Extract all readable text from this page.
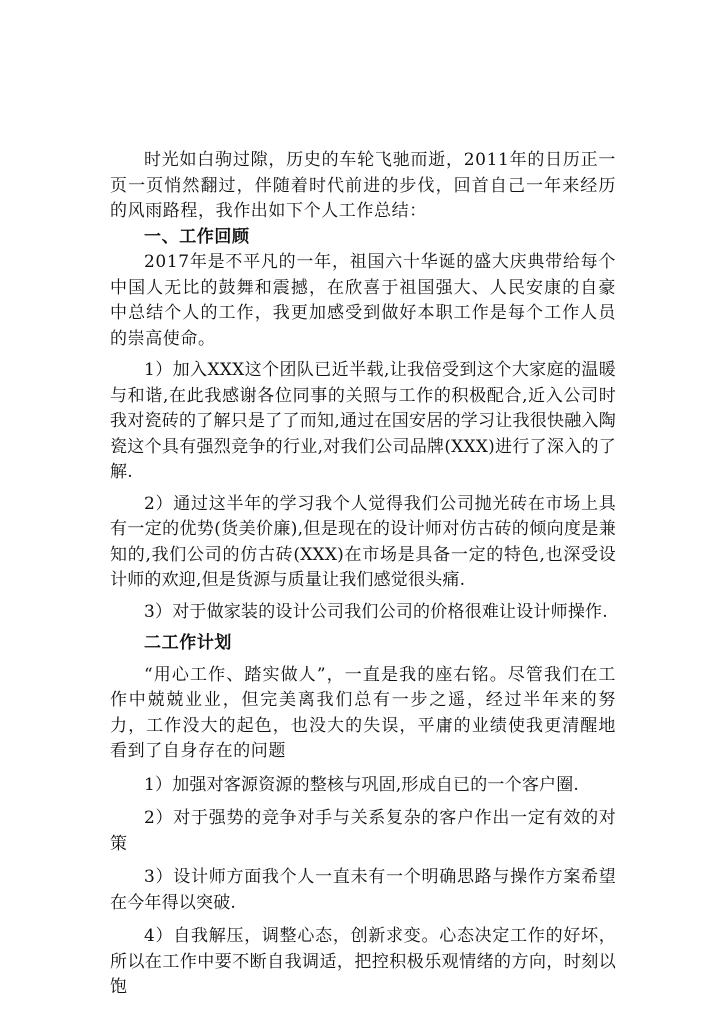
时光如白驹过隙，历史的车轮飞驰而逝，2011年的日历正一页一页悄然翻过，伴随着时代前进的步伐，回首自己一年来经历的风雨路程，我作出如下个人工作总结：

一、工作回顾

2017年是不平凡的一年，祖国六十华诞的盛大庆典带给每个中国人无比的鼓舞和震撼，在欣喜于祖国强大、人民安康的自豪中总结个人的工作，我更加感受到做好本职工作是每个工作人员的崇高使命。

1）加入XXX这个团队已近半载,让我倍受到这个大家庭的温暖与和谐,在此我感谢各位同事的关照与工作的积极配合,近入公司时我对瓷砖的了解只是了了而知,通过在国安居的学习让我很快融入陶瓷这个具有强烈竞争的行业,对我们公司品牌(XXX)进行了深入的了解.

2）通过这半年的学习我个人觉得我们公司抛光砖在市场上具有一定的优势(货美价廉),但是现在的设计师对仿古砖的倾向度是兼知的,我们公司的仿古砖(XXX)在市场是具备一定的特色,也深受设计师的欢迎,但是货源与质量让我们感觉很头痛.

3）对于做家装的设计公司我们公司的价格很难让设计师操作.

二工作计划

“用心工作、踏实做人”，一直是我的座右铭。尽管我们在工作中兢兢业业，但完美离我们总有一步之遥，经过半年来的努力，工作没大的起色，也没大的失误，平庸的业绩使我更清醒地看到了自身存在的问题

1）加强对客源资源的整核与巩固,形成自已的一个客户圈.

2）对于强势的竞争对手与关系复杂的客户作出一定有效的对策

3）设计师方面我个人一直未有一个明确思路与操作方案希望在今年得以突破.

4）自我解压，调整心态，创新求变。心态决定工作的好坏，所以在工作中要不断自我调适，把控积极乐观情绪的方向，时刻以饱
